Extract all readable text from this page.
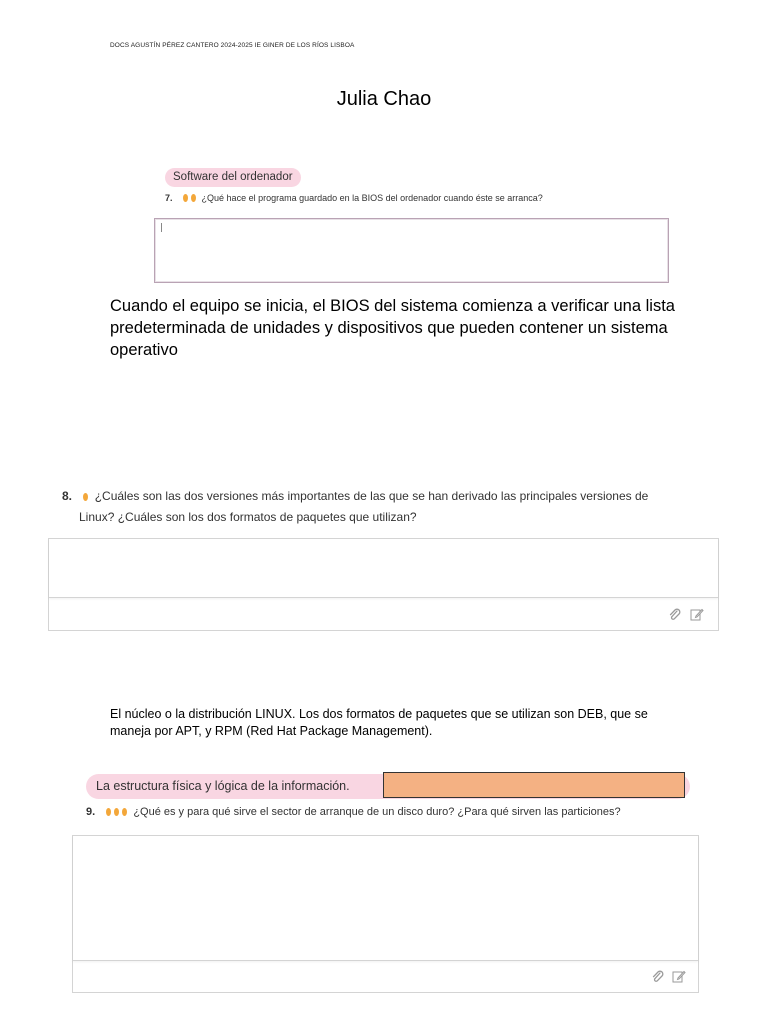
DOCS AGUSTÍN PÉREZ CANTERO 2024-2025 IE GINER DE LOS RÍOS LISBOA
Julia Chao
Software del ordenador
7.	¿Qué hace el programa guardado en la BIOS del ordenador cuando éste se arranca?
Cuando el equipo se inicia, el BIOS del sistema comienza a verificar una lista predeterminada de unidades y dispositivos que pueden contener un sistema operativo
8. ¿Cuáles son las dos versiones más importantes de las que se han derivado las principales versiones de
Linux? ¿Cuáles son los dos formatos de paquetes que utilizan?
El núcleo o la distribución LINUX. Los dos formatos de paquetes que se utilizan son DEB, que se maneja por APT, y RPM (Red Hat Package Management).
La estructura física y lógica de la información.
9.	¿Qué es y para qué sirve el sector de arranque de un disco duro? ¿Para qué sirven las particiones?
